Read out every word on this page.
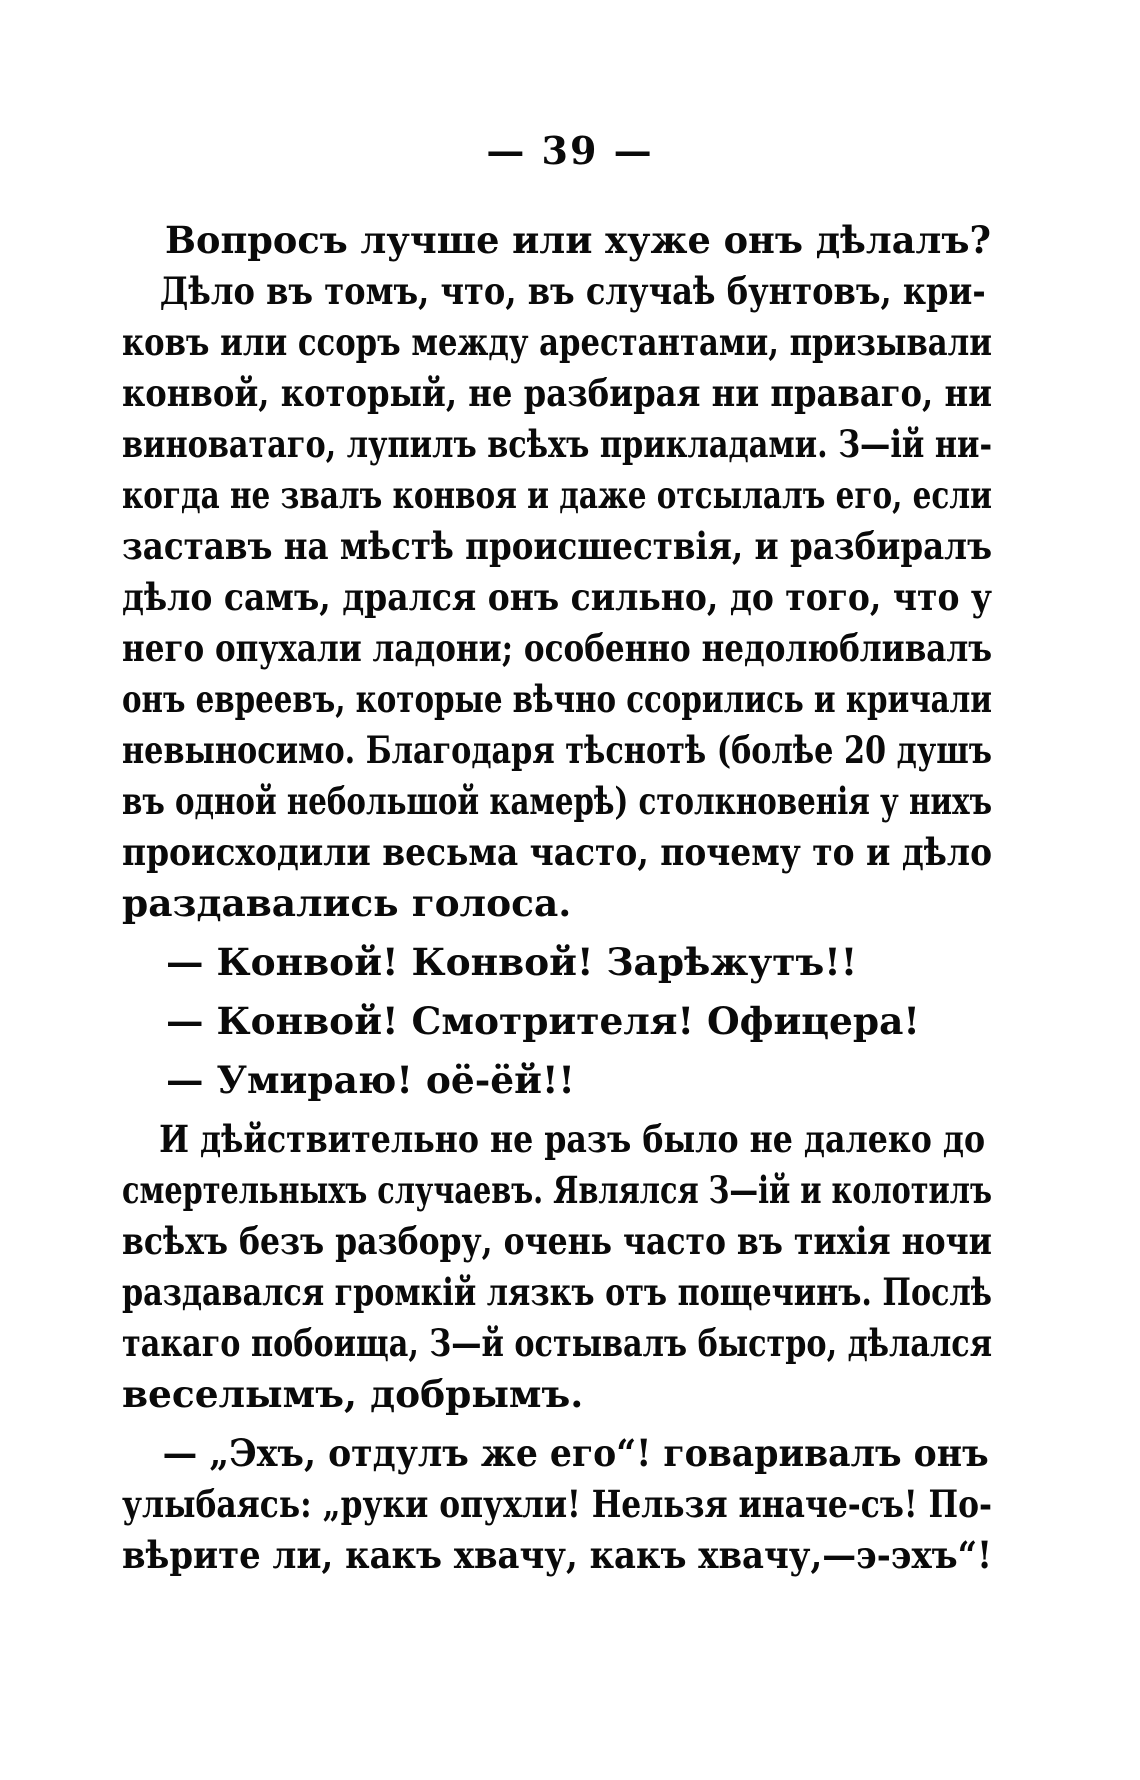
— 39 —
Вопросъ лучше или хуже онъ дѣлалъ?
Дѣло въ томъ, что, въ случаѣ бунтовъ, кри-
ковъ или ссоръ между арестантами, призывали
конвой, который, не разбирая ни праваго, ни
виноватаго, лупилъ всѣхъ прикладами. З—ій ни-
когда не звалъ конвоя и даже отсылалъ его, если
заставъ на мѣстѣ происшествія, и разбиралъ
дѣло самъ, дрался онъ сильно, до того, что у
него опухали ладони; особенно недолюбливалъ
онъ евреевъ, которые вѣчно ссорились и кричали
невыносимо. Благодаря тѣснотѣ (болѣе 20 душъ
въ одной небольшой камерѣ) столкновенія у нихъ
происходили весьма часто, почему то и дѣло
раздавались голоса.
— Конвой! Конвой! Зарѣжутъ!!
— Конвой! Смотрителя! Офицера!
— Умираю! оё-ёй!!
И дѣйствительно не разъ было не далеко до
смертельныхъ случаевъ. Являлся З—ій и колотилъ
всѣхъ безъ разбору, очень часто въ тихія ночи
раздавался громкій лязкъ отъ пощечинъ. Послѣ
такаго побоища, З—й остывалъ быстро, дѣлался
веселымъ, добрымъ.
— „Эхъ, отдулъ же его“! говаривалъ онъ
улыбаясь: „руки опухли! Нельзя иначе-съ! По-
вѣрите ли, какъ хвачу, какъ хвачу,—э-эхъ“!
